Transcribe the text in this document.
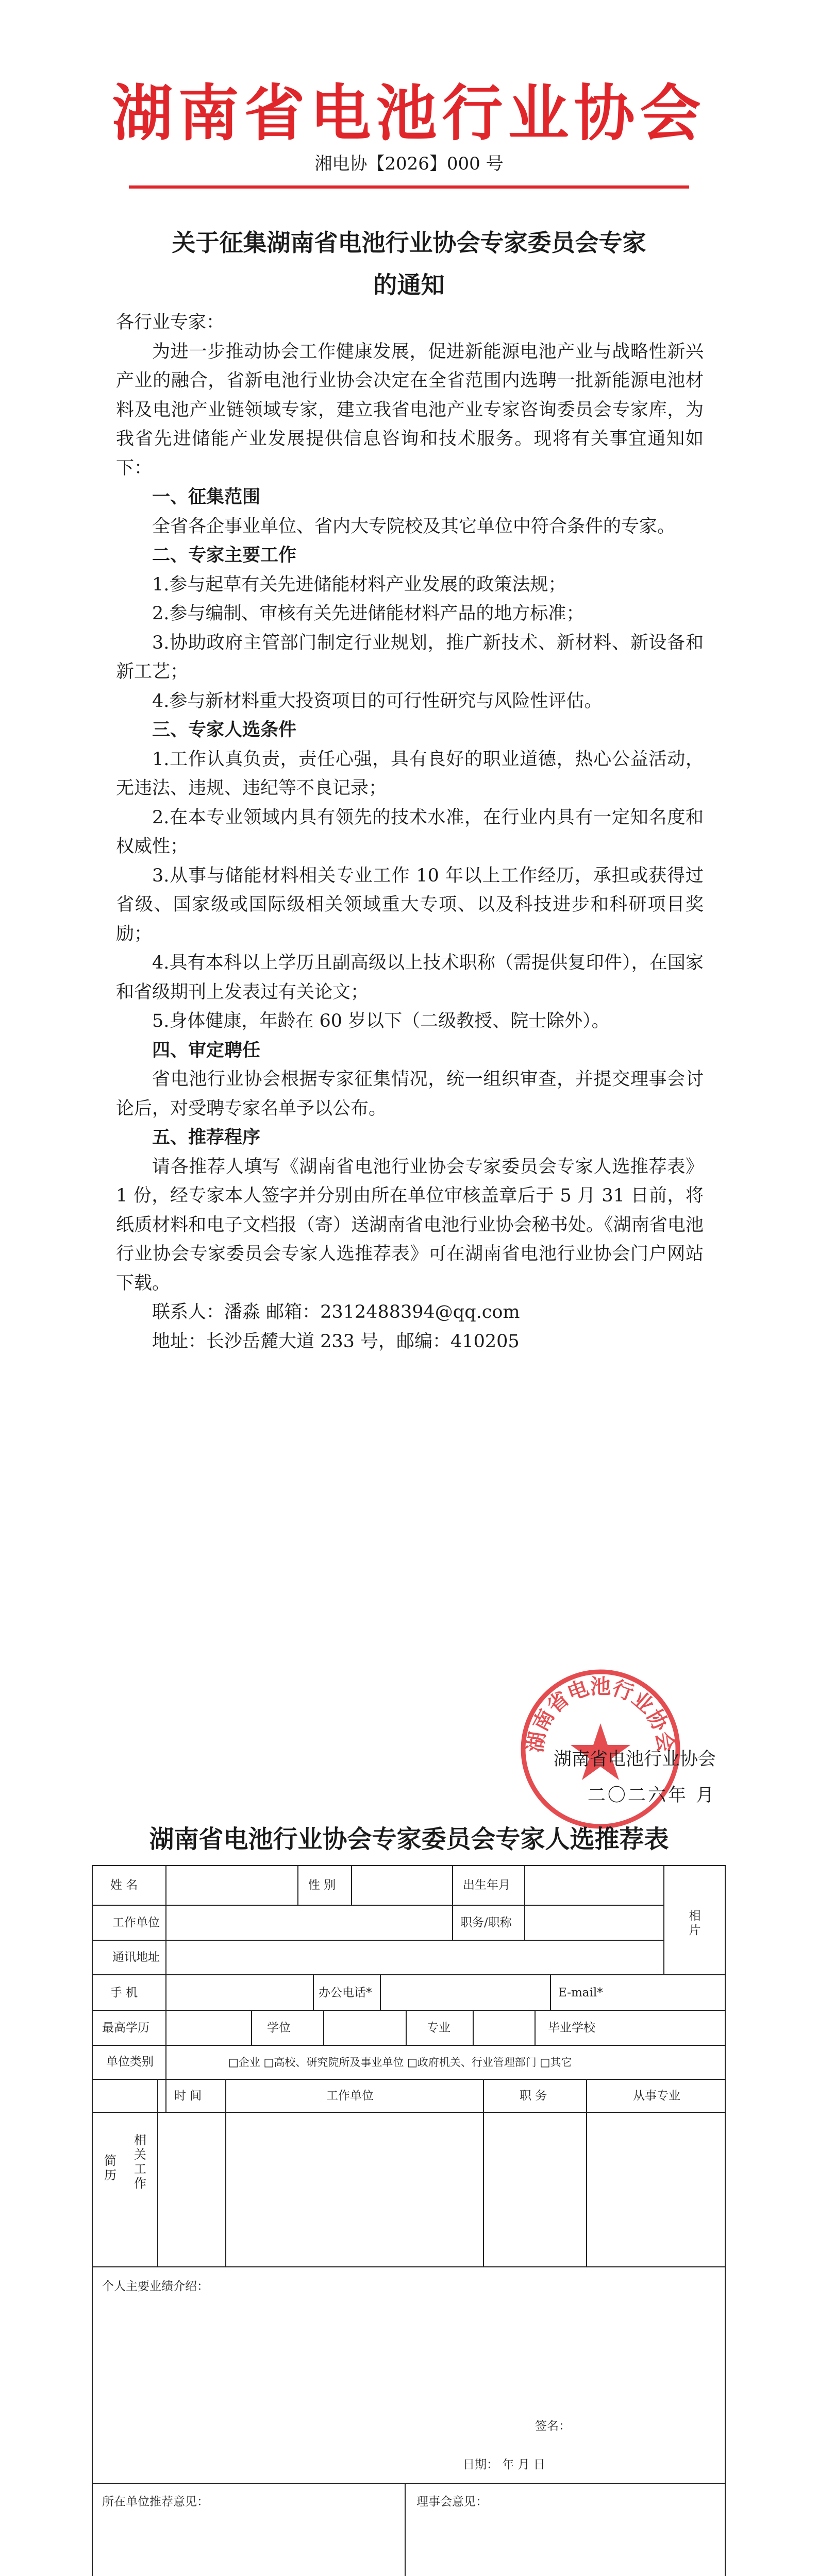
湖南省电池行业协会
湘电协【2026】000 号
关于征集湖南省电池行业协会专家委员会专家
的通知

各行业专家：

为进一步推动协会工作健康发展，促进新能源电池产业与战略性新兴产业的融合，省新电池行业协会决定在全省范围内选聘一批新能源电池材料及电池产业链领域专家，建立我省电池产业专家咨询委员会专家库，为我省先进储能产业发展提供信息咨询和技术服务。现将有关事宜通知如下：

一、征集范围

全省各企事业单位、省内大专院校及其它单位中符合条件的专家。

二、专家主要工作

1.参与起草有关先进储能材料产业发展的政策法规；

2.参与编制、审核有关先进储能材料产品的地方标准；

3.协助政府主管部门制定行业规划，推广新技术、新材料、新设备和新工艺；

4.参与新材料重大投资项目的可行性研究与风险性评估。

三、专家人选条件

1.工作认真负责，责任心强，具有良好的职业道德，热心公益活动，无违法、违规、违纪等不良记录；

2.在本专业领域内具有领先的技术水准，在行业内具有一定知名度和权威性；

3.从事与储能材料相关专业工作 10 年以上工作经历，承担或获得过省级、国家级或国际级相关领域重大专项、以及科技进步和科研项目奖励；

4.具有本科以上学历且副高级以上技术职称（需提供复印件），在国家和省级期刊上发表过有关论文；

5.身体健康，年龄在 60 岁以下（二级教授、院士除外）。

四、审定聘任

省电池行业协会根据专家征集情况，统一组织审查，并提交理事会讨论后，对受聘专家名单予以公布。

五、推荐程序

请各推荐人填写《湖南省电池行业协会专家委员会专家人选推荐表》1 份，经专家本人签字并分别由所在单位审核盖章后于 5 月 31 日前，将纸质材料和电子文档报（寄）送湖南省电池行业协会秘书处。《湖南省电池行业协会专家委员会专家人选推荐表》可在湖南省电池行业协会门户网站下载。

联系人：潘淼 邮箱：2312488394@qq.com

地址：长沙岳麓大道 233 号，邮编：410205

湖南省电池行业协会
湖南省电池行业协会
二〇二六年 月
湖南省电池行业协会专家委员会专家人选推荐表
姓 名	性 别	出生年月
相片
工作单位	职务/职称
通讯地址
手 机	办公电话*	E-mail*
最高学历	学位	专业	毕业学校
单位类别	□企业 □高校、研究院所及事业单位 □政府机关、行业管理部门 □其它
简历
相关工作
时 间	工作单位	职 务	从事专业
个人主要业绩介绍：
签名：
日期： 年 月 日
所在单位推荐意见：	理事会意见：
